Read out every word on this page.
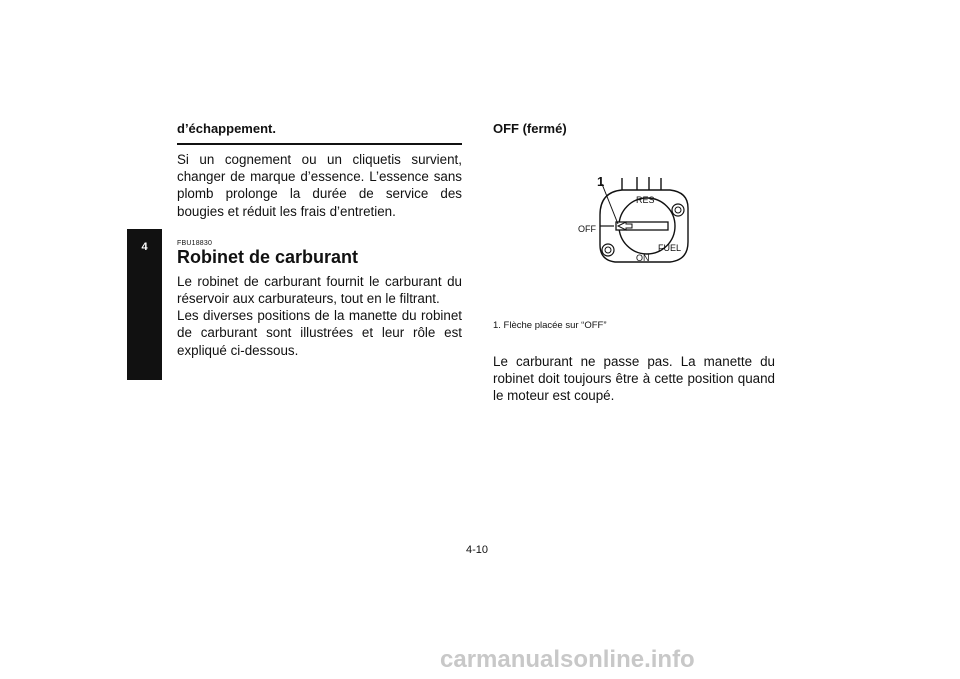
4

d’échappement.

Si un cognement ou un cliquetis survient, changer de marque d’essence. L’essence sans plomb prolonge la durée de service des bougies et réduit les frais d’entretien.

FBU18830
Robinet de carburant

Le robinet de carburant fournit le carburant du réservoir aux carburateurs, tout en le filtrant.

Les diverses positions de la manette du robinet de carburant sont illustrées et leur rôle est expliqué ci-dessous.

OFF (fermé)

1
RES
OFF
FUEL
ON
1. Flèche placée sur “OFF”

Le carburant ne passe pas. La manette du robinet doit toujours être à cette position quand le moteur est coupé.

4-10
carmanualsonline.info
